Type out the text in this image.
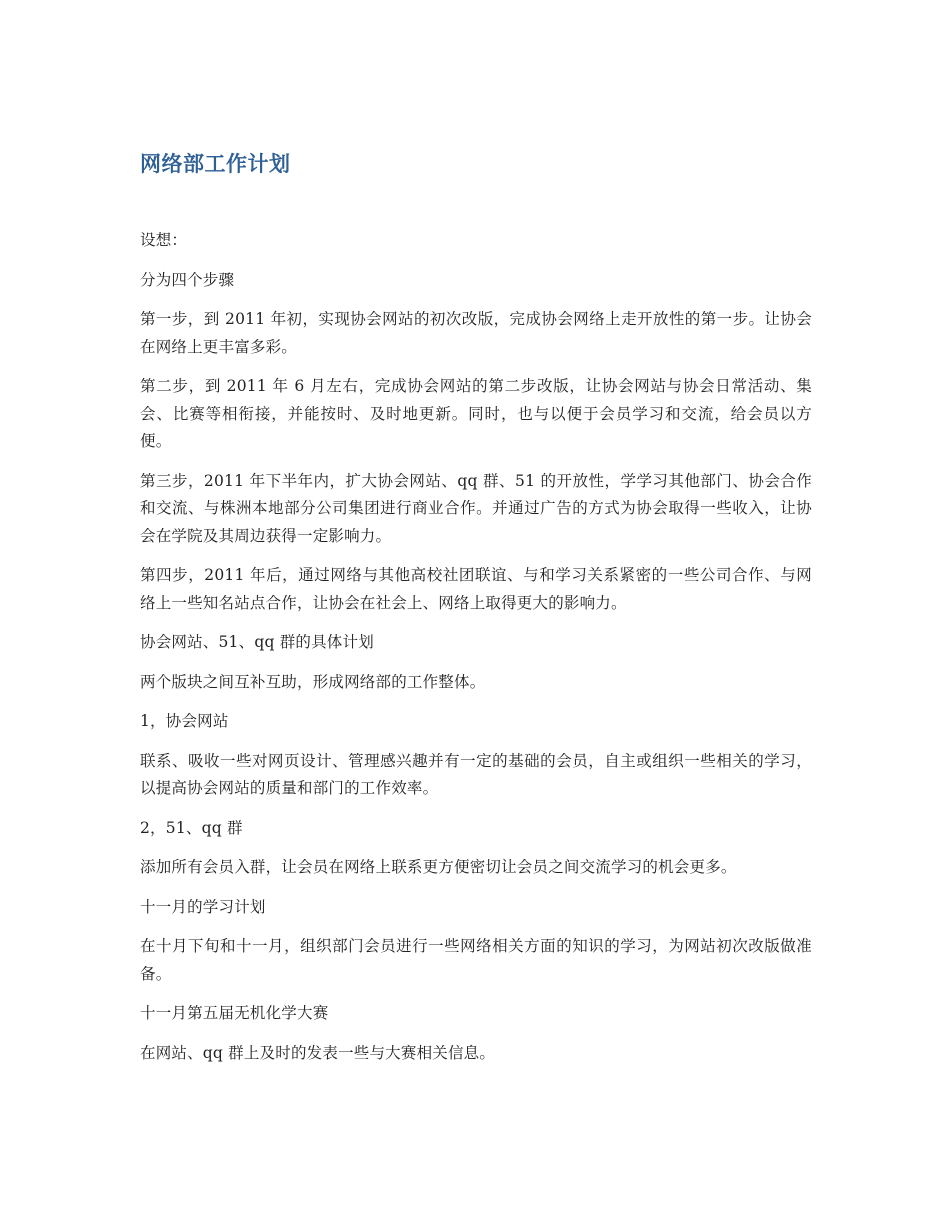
网络部工作计划

设想：

分为四个步骤

第一步，到 2011 年初，实现协会网站的初次改版，完成协会网络上走开放性的第一步。让协会在网络上更丰富多彩。

第二步，到 2011 年 6 月左右，完成协会网站的第二步改版，让协会网站与协会日常活动、集会、比赛等相衔接，并能按时、及时地更新。同时，也与以便于会员学习和交流，给会员以方便。

第三步，2011 年下半年内，扩大协会网站、qq 群、51 的开放性，学学习其他部门、协会合作和交流、与株洲本地部分公司集团进行商业合作。并通过广告的方式为协会取得一些收入，让协会在学院及其周边获得一定影响力。

第四步，2011 年后，通过网络与其他高校社团联谊、与和学习关系紧密的一些公司合作、与网络上一些知名站点合作，让协会在社会上、网络上取得更大的影响力。

协会网站、51、qq 群的具体计划

两个版块之间互补互助，形成网络部的工作整体。

1，协会网站

联系、吸收一些对网页设计、管理感兴趣并有一定的基础的会员，自主或组织一些相关的学习，以提高协会网站的质量和部门的工作效率。

2，51、qq 群

添加所有会员入群，让会员在网络上联系更方便密切让会员之间交流学习的机会更多。

十一月的学习计划

在十月下旬和十一月，组织部门会员进行一些网络相关方面的知识的学习，为网站初次改版做准备。

十一月第五届无机化学大赛

在网站、qq 群上及时的发表一些与大赛相关信息。
